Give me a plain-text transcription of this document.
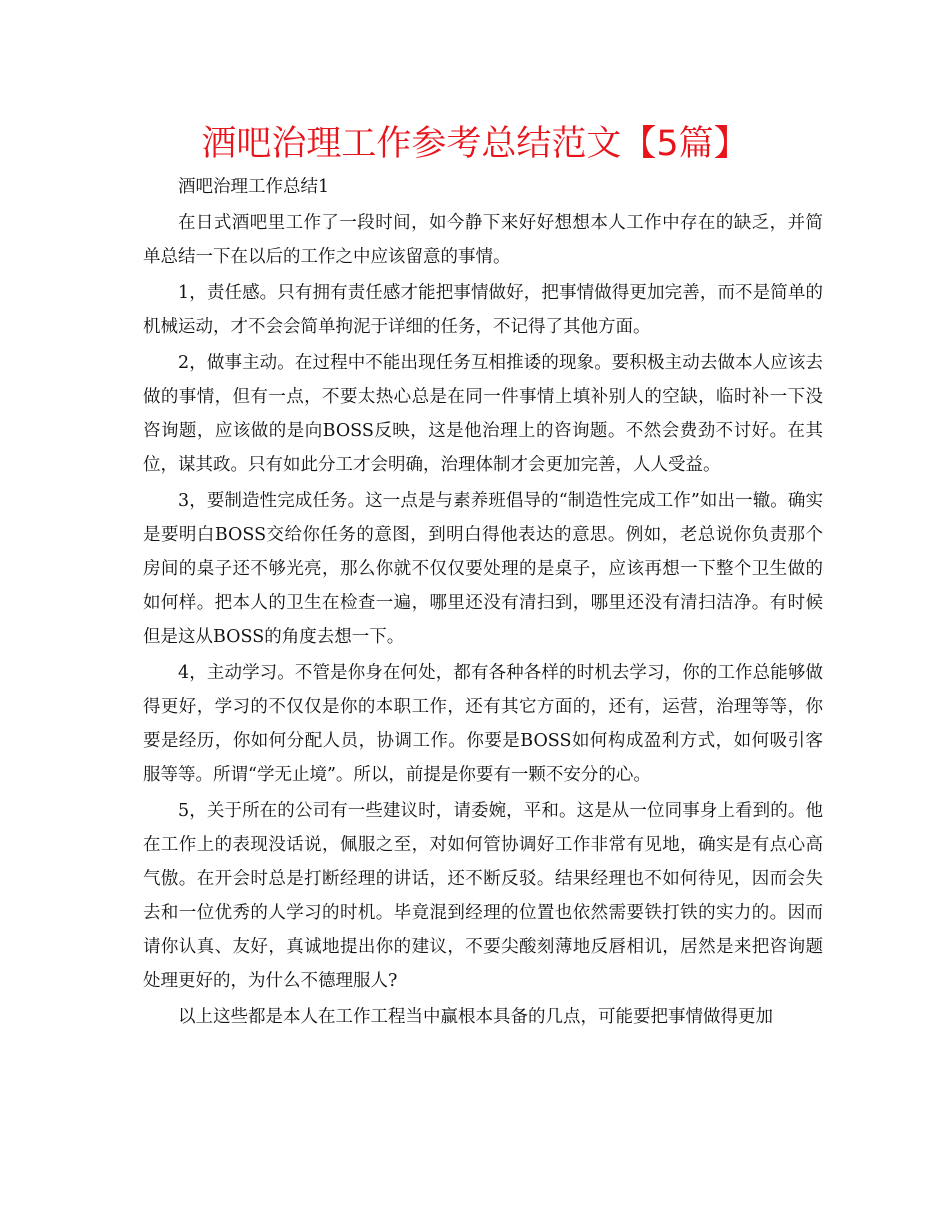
酒吧治理工作参考总结范文【5篇】

酒吧治理工作总结1

在日式酒吧里工作了一段时间，如今静下来好好想想本人工作中存在的缺乏，并简单总结一下在以后的工作之中应该留意的事情。

1，责任感。只有拥有责任感才能把事情做好，把事情做得更加完善，而不是简单的机械运动，才不会会简单拘泥于详细的任务，不记得了其他方面。

2，做事主动。在过程中不能出现任务互相推诿的现象。要积极主动去做本人应该去做的事情，但有一点，不要太热心总是在同一件事情上填补别人的空缺，临时补一下没咨询题，应该做的是向BOSS反映，这是他治理上的咨询题。不然会费劲不讨好。在其位，谋其政。只有如此分工才会明确，治理体制才会更加完善，人人受益。

3，要制造性完成任务。这一点是与素养班倡导的“制造性完成工作”如出一辙。确实是要明白BOSS交给你任务的意图，到明白得他表达的意思。例如，老总说你负责那个房间的桌子还不够光亮，那么你就不仅仅要处理的是桌子，应该再想一下整个卫生做的如何样。把本人的卫生在检查一遍，哪里还没有清扫到，哪里还没有清扫洁净。有时候但是这从BOSS的角度去想一下。

4，主动学习。不管是你身在何处，都有各种各样的时机去学习，你的工作总能够做得更好，学习的不仅仅是你的本职工作，还有其它方面的，还有，运营，治理等等，你要是经历，你如何分配人员，协调工作。你要是BOSS如何构成盈利方式，如何吸引客服等等。所谓“学无止境”。所以，前提是你要有一颗不安分的心。

5，关于所在的公司有一些建议时，请委婉，平和。这是从一位同事身上看到的。他在工作上的表现没话说，佩服之至，对如何管协调好工作非常有见地，确实是有点心高气傲。在开会时总是打断经理的讲话，还不断反驳。结果经理也不如何待见，因而会失去和一位优秀的人学习的时机。毕竟混到经理的位置也依然需要铁打铁的实力的。因而请你认真、友好，真诚地提出你的建议，不要尖酸刻薄地反唇相讥，居然是来把咨询题处理更好的，为什么不德理服人?

以上这些都是本人在工作工程当中赢根本具备的几点，可能要把事情做得更加
